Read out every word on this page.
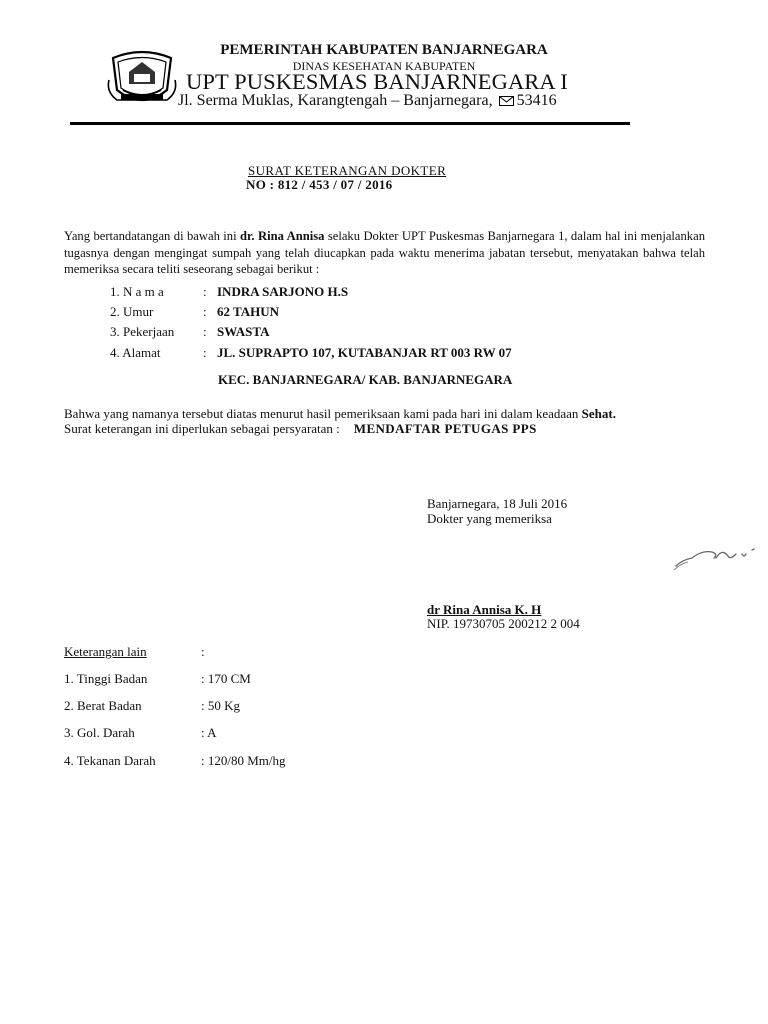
PEMERINTAH KABUPATEN BANJARNEGARA
DINAS KESEHATAN KABUPATEN
UPT PUSKESMAS BANJARNEGARA I
Jl. Serma Muklas, Karangtengah – Banjarnegara, 53416
SURAT KETERANGAN DOKTER
NO : 812 / 453 / 07 / 2016
Yang bertandatangan di bawah ini dr. Rina Annisa selaku Dokter UPT Puskesmas Banjarnegara 1, dalam hal ini menjalankan tugasnya dengan mengingat sumpah yang telah diucapkan pada waktu menerima jabatan tersebut, menyatakan bahwa telah memeriksa secara teliti seseorang sebagai berikut :
1. N a m a	: INDRA SARJONO H.S
2. Umur	: 62 TAHUN
3. Pekerjaan : SWASTA
4. Alamat	: JL. SUPRAPTO 107, KUTABANJAR RT 003 RW 07
KEC. BANJARNEGARA/ KAB. BANJARNEGARA
Bahwa yang namanya tersebut diatas menurut hasil pemeriksaan kami pada hari ini dalam keadaan Sehat.
Surat keterangan ini diperlukan sebagai persyaratan : MENDAFTAR PETUGAS PPS
Banjarnegara, 18 Juli 2016
Dokter yang memeriksa
dr Rina Annisa K. H
NIP. 19730705 200212 2 004
Keterangan lain	:
1. Tinggi Badan	: 170 CM
2. Berat Badan	: 50 Kg
3. Gol. Darah	: A
4. Tekanan Darah	: 120/80 Mm/hg
